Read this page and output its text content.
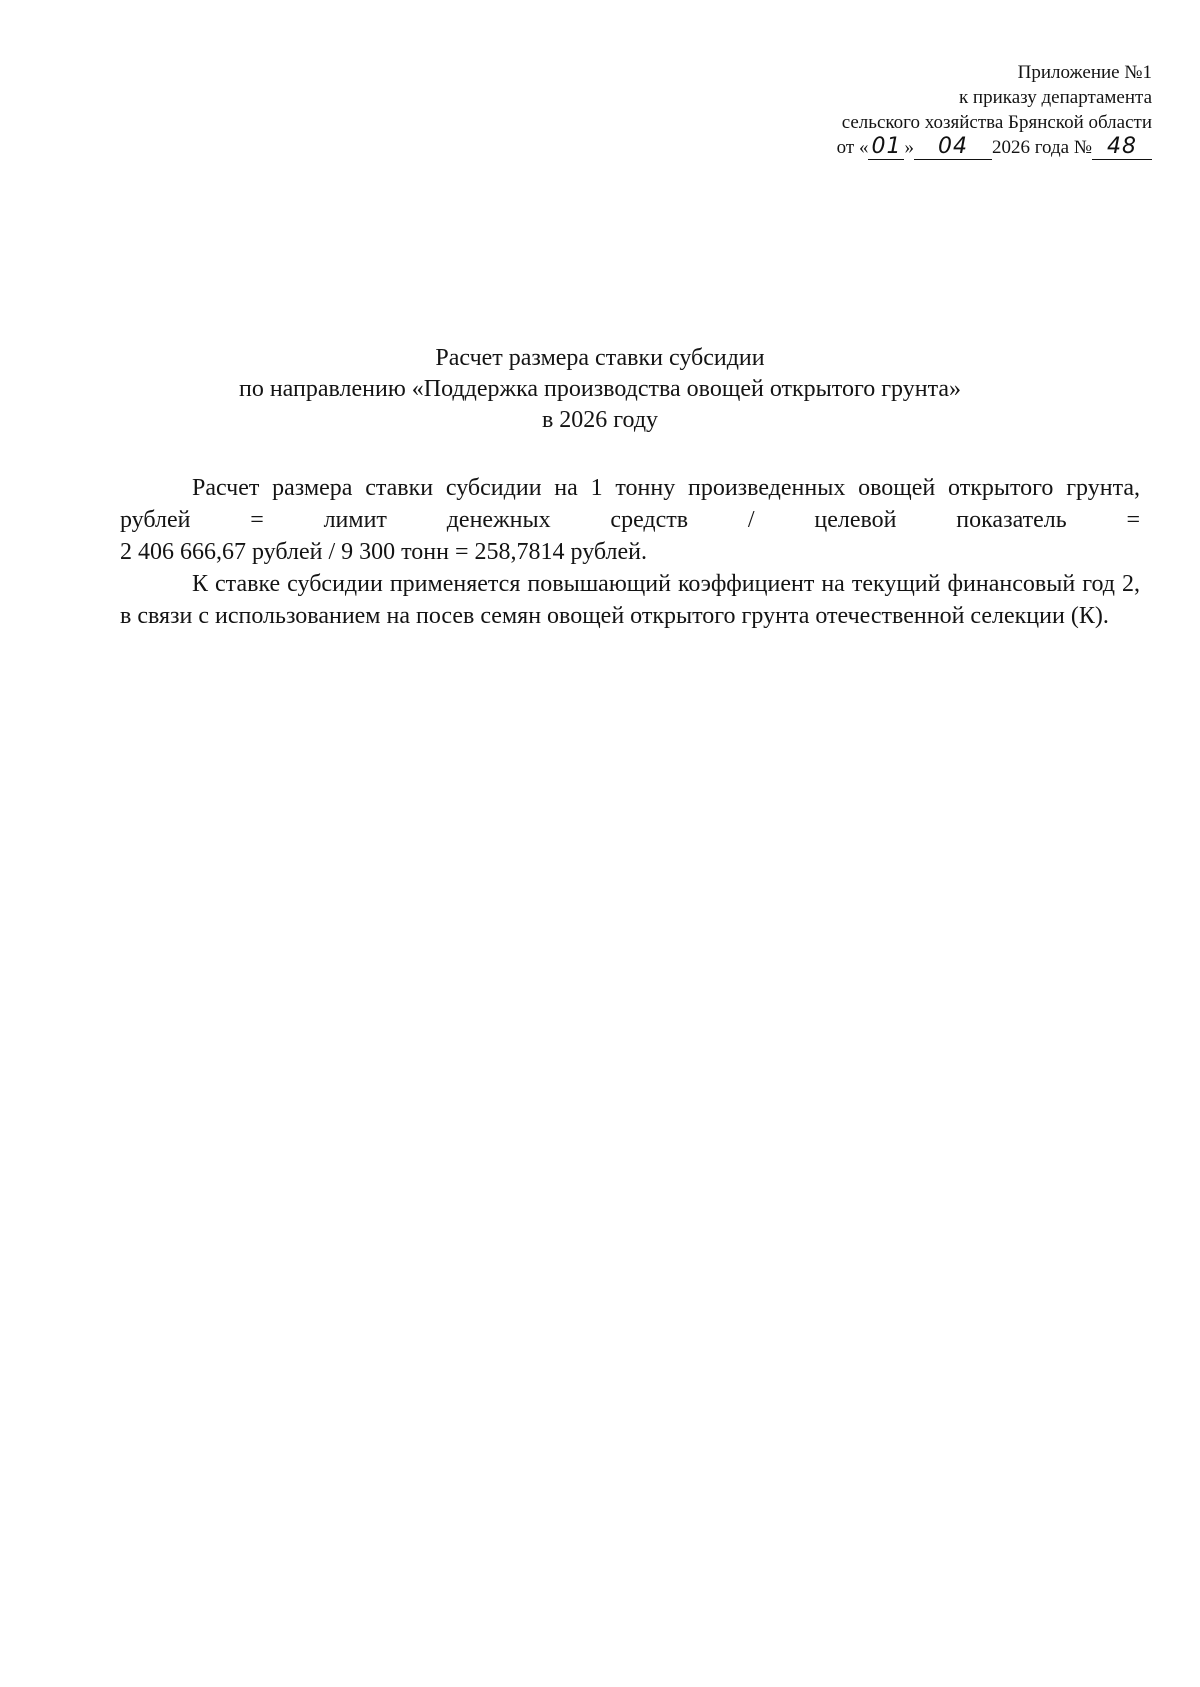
Приложение №1
к приказу департамента
сельского хозяйства Брянской области
от « 01 » 04 2026 года № 48
Расчет размера ставки субсидии
по направлению «Поддержка производства овощей открытого грунта»
в 2026 году

Расчет размера ставки субсидии на 1 тонну произведенных овощей открытого грунта, рублей = лимит денежных средств / целевой показатель = 2 406 666,67 рублей / 9 300 тонн = 258,7814 рублей.

К ставке субсидии применяется повышающий коэффициент на текущий финансовый год 2, в связи с использованием на посев семян овощей открытого грунта отечественной селекции (К).
